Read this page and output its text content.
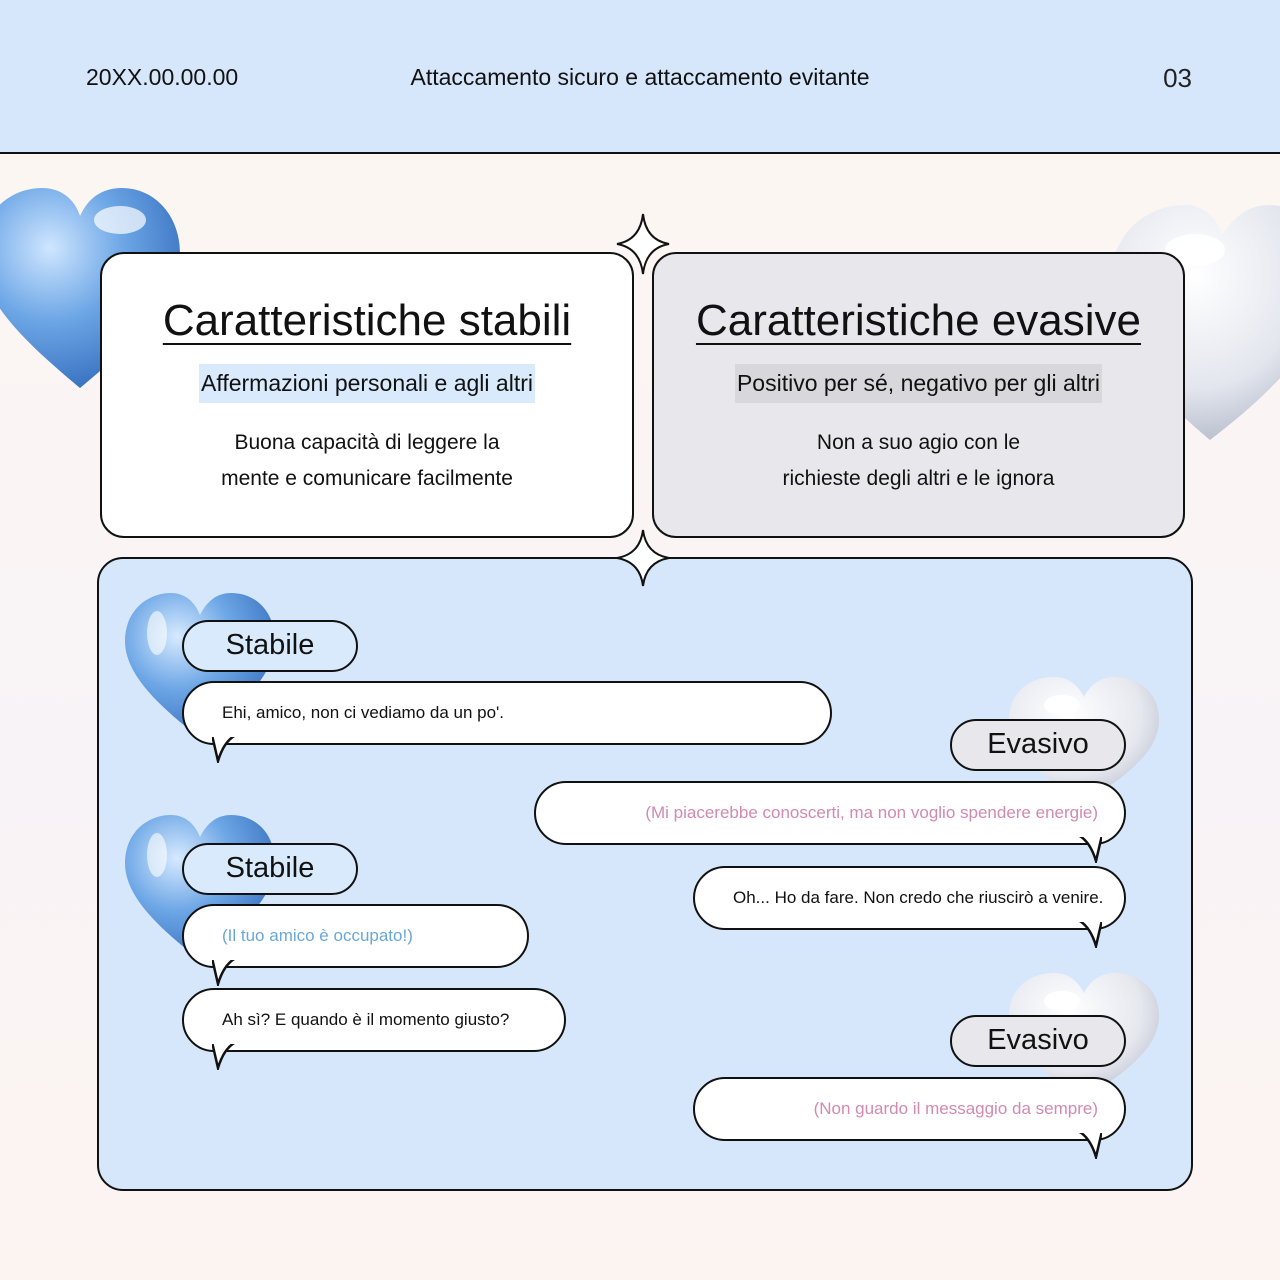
20XX.00.00.00	Attaccamento sicuro e attaccamento evitante	03
Caratteristiche stabili
Affermazioni personali e agli altri
Buona capacità di leggere la
mente e comunicare facilmente
Caratteristiche evasive
Positivo per sé, negativo per gli altri
Non a suo agio con le
richieste degli altri e le ignora
Stabile
Ehi, amico, non ci vediamo da un po'.
Evasivo
(Mi piacerebbe conoscerti, ma non voglio spendere energie)
Oh... Ho da fare. Non credo che riuscirò a venire.
Stabile
(Il tuo amico è occupato!)
Ah sì? E quando è il momento giusto?
Evasivo
(Non guardo il messaggio da sempre)
